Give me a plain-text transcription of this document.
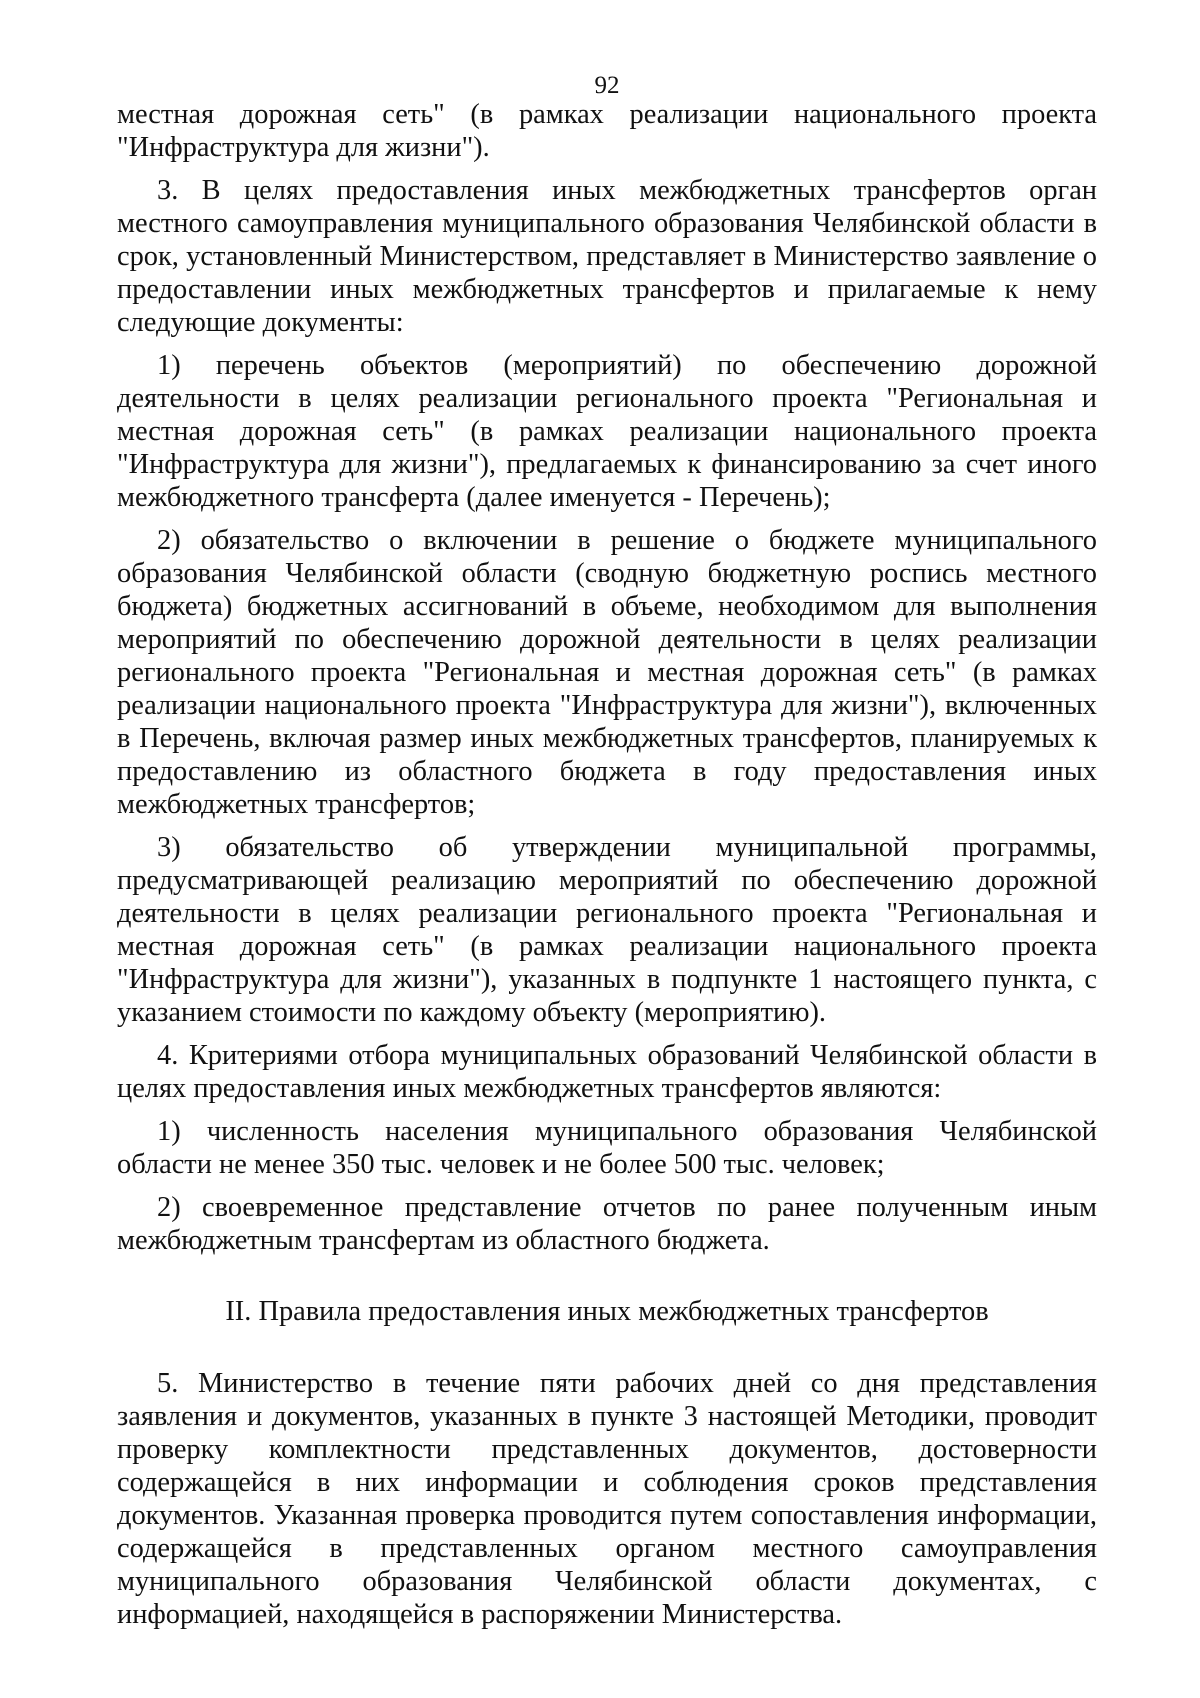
92

местная дорожная сеть" (в рамках реализации национального проекта "Инфраструктура для жизни").

3. В целях предоставления иных межбюджетных трансфертов орган местного самоуправления муниципального образования Челябинской области в срок, установленный Министерством, представляет в Министерство заявление о предоставлении иных межбюджетных трансфертов и прилагаемые к нему следующие документы:

1) перечень объектов (мероприятий) по обеспечению дорожной деятельности в целях реализации регионального проекта "Региональная и местная дорожная сеть" (в рамках реализации национального проекта "Инфраструктура для жизни"), предлагаемых к финансированию за счет иного межбюджетного трансферта (далее именуется - Перечень);

2) обязательство о включении в решение о бюджете муниципального образования Челябинской области (сводную бюджетную роспись местного бюджета) бюджетных ассигнований в объеме, необходимом для выполнения мероприятий по обеспечению дорожной деятельности в целях реализации регионального проекта "Региональная и местная дорожная сеть" (в рамках реализации национального проекта "Инфраструктура для жизни"), включенных в Перечень, включая размер иных межбюджетных трансфертов, планируемых к предоставлению из областного бюджета в году предоставления иных межбюджетных трансфертов;

3) обязательство об утверждении муниципальной программы, предусматривающей реализацию мероприятий по обеспечению дорожной деятельности в целях реализации регионального проекта "Региональная и местная дорожная сеть" (в рамках реализации национального проекта "Инфраструктура для жизни"), указанных в подпункте 1 настоящего пункта, с указанием стоимости по каждому объекту (мероприятию).

4. Критериями отбора муниципальных образований Челябинской области в целях предоставления иных межбюджетных трансфертов являются:

1) численность населения муниципального образования Челябинской области не менее 350 тыс. человек и не более 500 тыс. человек;

2) своевременное представление отчетов по ранее полученным иным межбюджетным трансфертам из областного бюджета.

II. Правила предоставления иных межбюджетных трансфертов

5. Министерство в течение пяти рабочих дней со дня представления заявления и документов, указанных в пункте 3 настоящей Методики, проводит проверку комплектности представленных документов, достоверности содержащейся в них информации и соблюдения сроков представления документов. Указанная проверка проводится путем сопоставления информации, содержащейся в представленных органом местного самоуправления муниципального образования Челябинской области документах, с информацией, находящейся в распоряжении Министерства.
